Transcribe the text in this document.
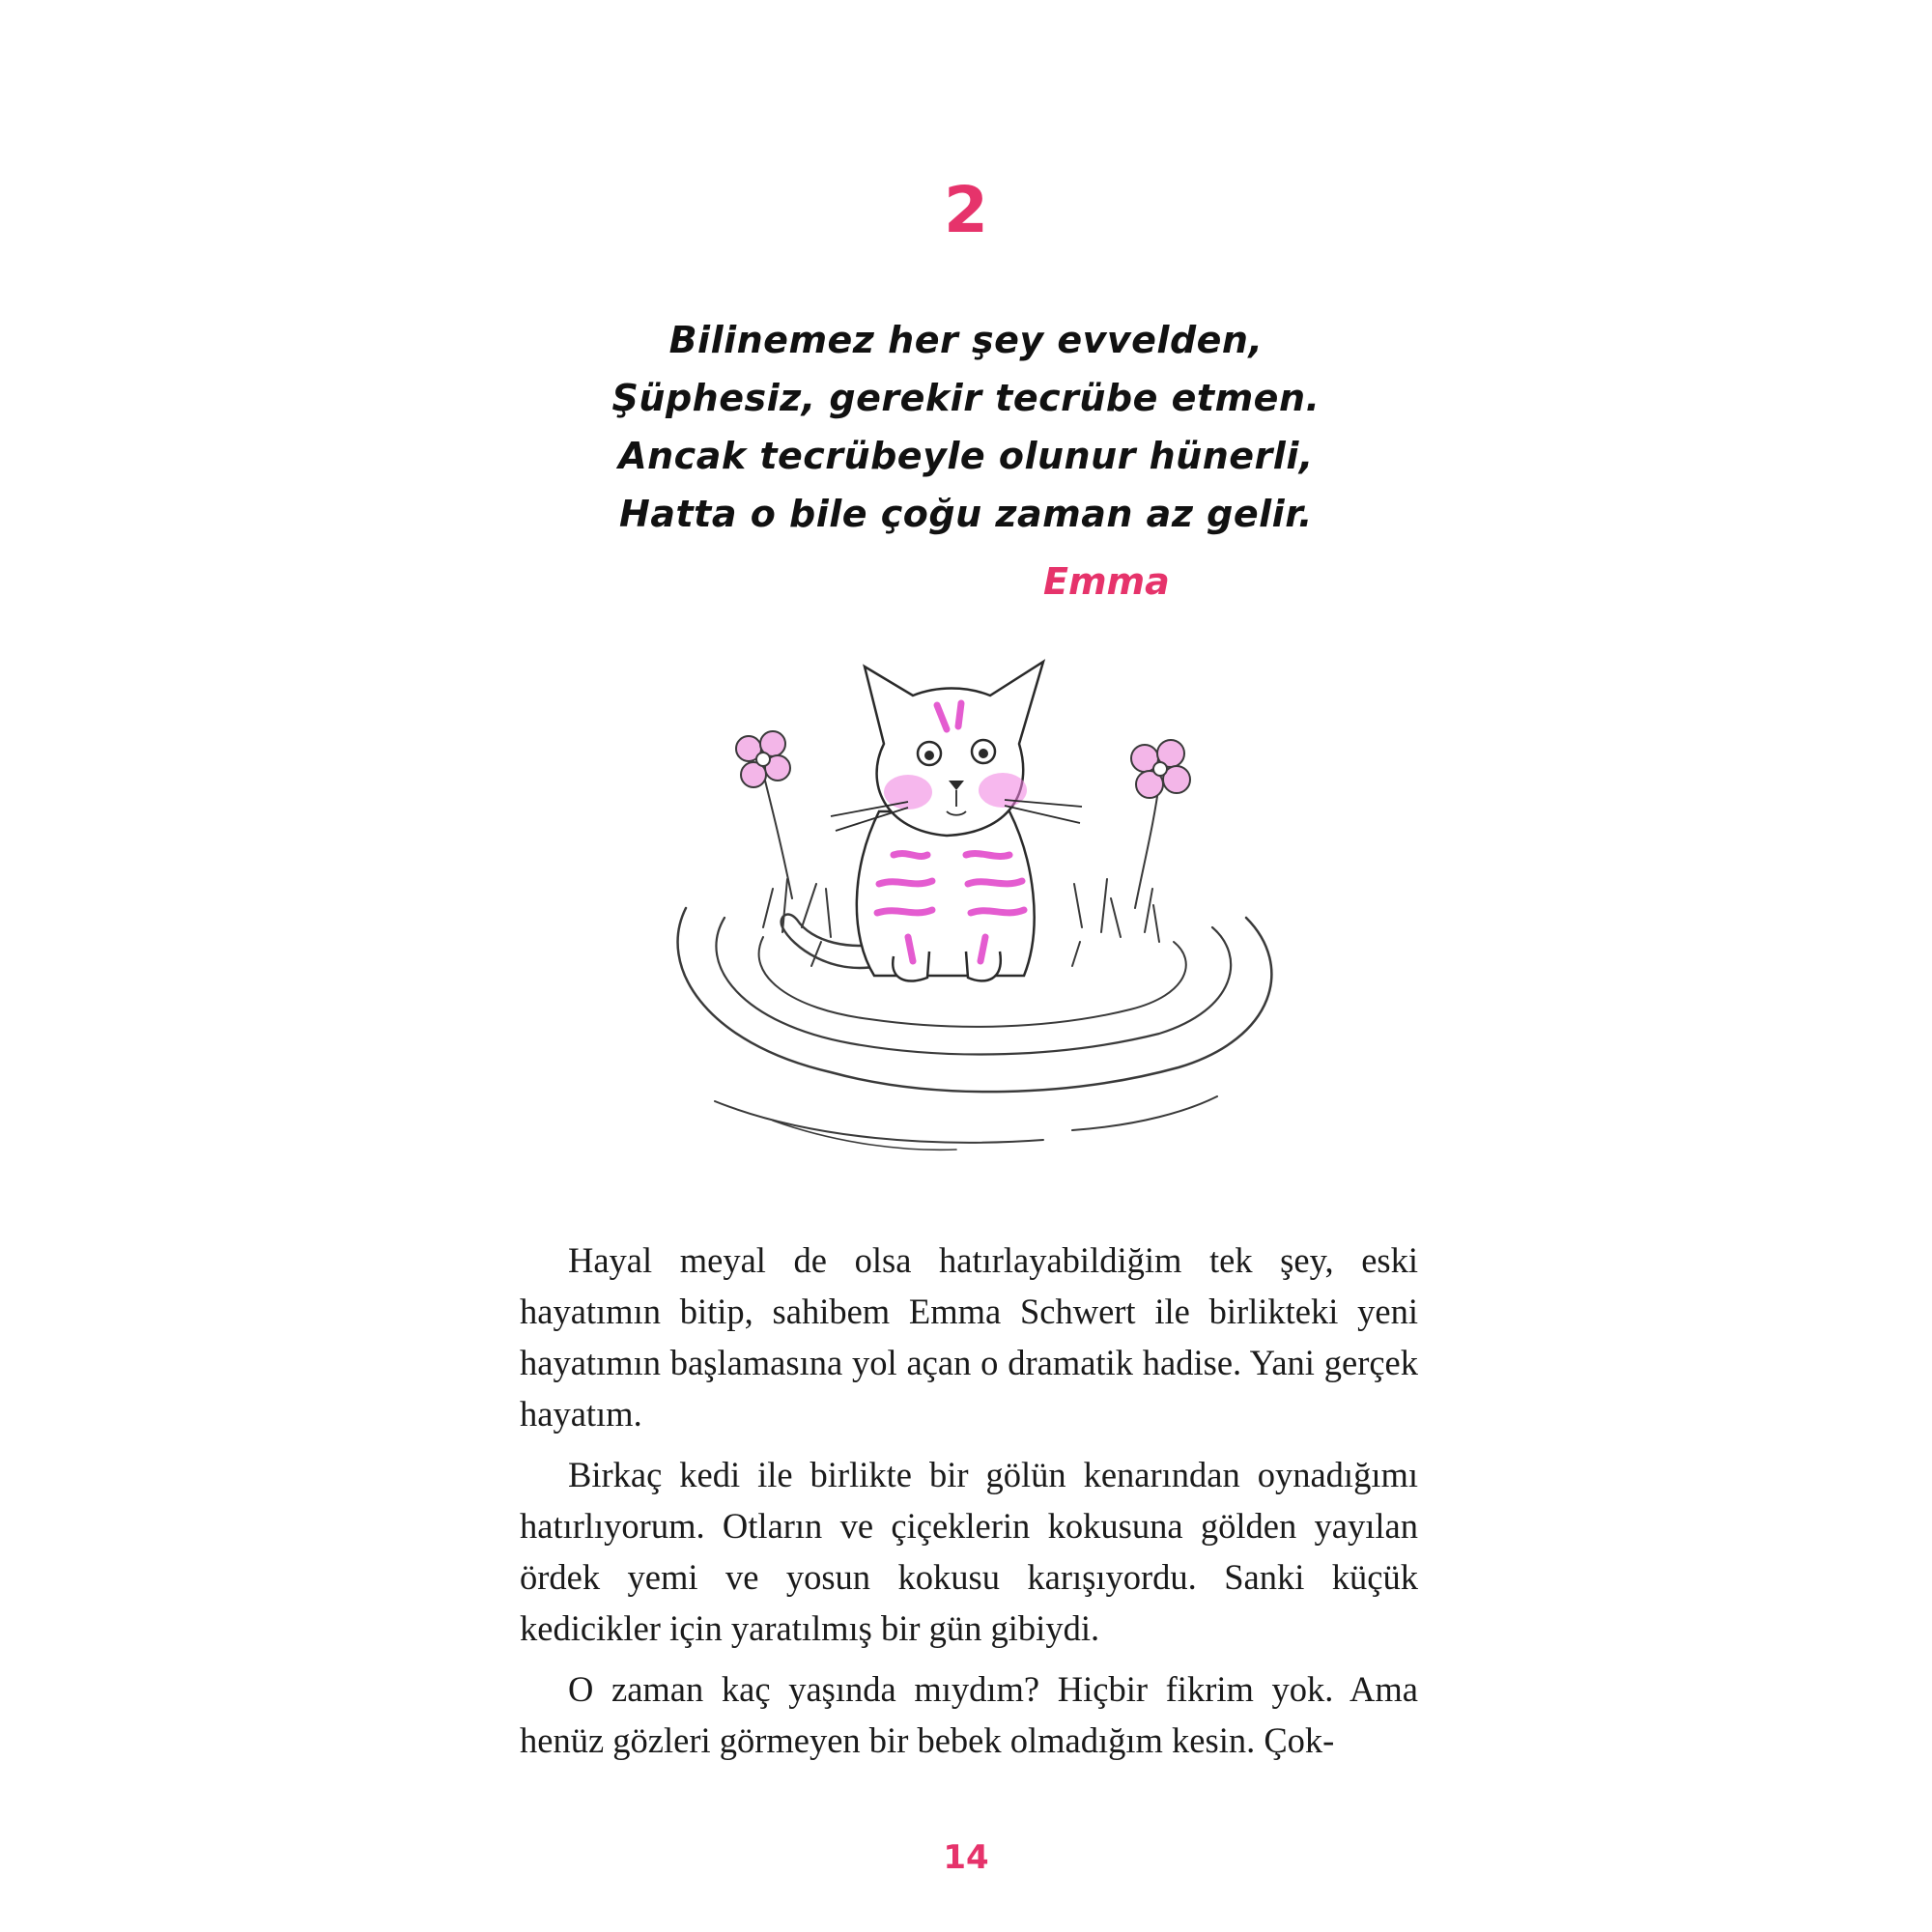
2
Bilinemez her şey evvelden,
Şüphesiz, gerekir tecrübe etmen.
Ancak tecrübeyle olunur hünerli,
Hatta o bile çoğu zaman az gelir.
Emma

Hayal meyal de olsa hatırlayabildiğim tek şey, eski hayatımın bitip, sahibem Emma Schwert ile birlikteki yeni hayatımın başlamasına yol açan o dramatik hadise. Yani gerçek hayatım.

Birkaç kedi ile birlikte bir gölün kenarından oynadığımı hatırlıyorum. Otların ve çiçeklerin kokusuna gölden yayılan ördek yemi ve yosun kokusu karışıyordu. Sanki küçük kedicikler için yaratılmış bir gün gibiydi.

O zaman kaç yaşında mıydım? Hiçbir fikrim yok. Ama henüz gözleri görmeyen bir bebek olmadığım kesin. Çok-

14
